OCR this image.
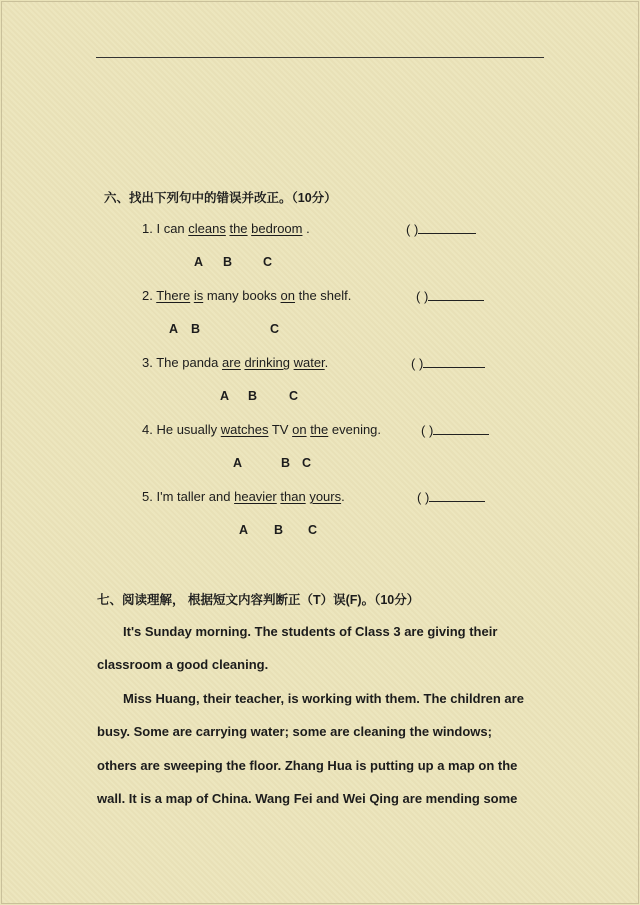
六、找出下列句中的错误并改正。（10分）
1. I can cleans the bedroom .	( )
A B C
2. There is many books on the shelf.	( )
A B	C
3. The panda are drinking water.	( )
A B	C
4. He usually watches TV on the evening.	( )
A	B C
5. I'm taller and heavier than yours.	( )
A B C
七、阅读理解， 根据短文内容判断正（T）误(F)。（10分）
It's Sunday morning. The students of Class 3 are giving their
classroom a good cleaning.
Miss Huang, their teacher, is working with them. The children are
busy. Some are carrying water; some are cleaning the windows;
others are sweeping the floor. Zhang Hua is putting up a map on the
wall. It is a map of China. Wang Fei and Wei Qing are mending some
